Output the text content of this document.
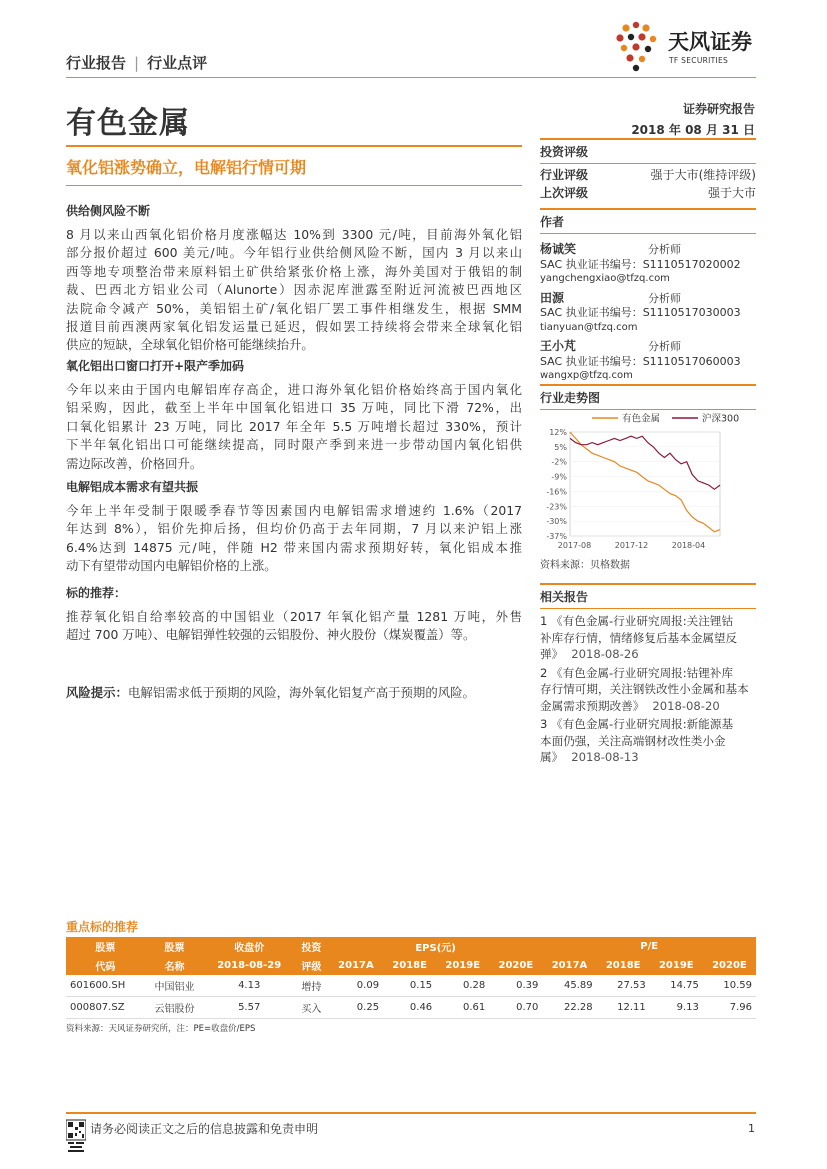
行业报告 | 行业点评
天风证券
TF SECURITIES
有色金属	证券研究报告
2018 年 08 月 31 日
氧化铝涨势确立，电解铝行情可期
供给侧风险不断
8 月以来山西氧化铝价格月度涨幅达 10%到 3300 元/吨，目前海外氧化铝
部分报价超过 600 美元/吨。今年铝行业供给侧风险不断，国内 3 月以来山
西等地专项整治带来原料铝土矿供给紧张价格上涨，海外美国对于俄铝的制
裁、巴西北方铝业公司（Alunorte）因赤泥库泄露至附近河流被巴西地区
法院命令减产 50%，美铝铝土矿/氧化铝厂罢工事件相继发生，根据 SMM
报道目前西澳两家氧化铝发运量已延迟，假如罢工持续将会带来全球氧化铝
供应的短缺，全球氧化铝价格可能继续抬升。
氧化铝出口窗口打开+限产季加码
今年以来由于国内电解铝库存高企，进口海外氧化铝价格始终高于国内氧化
铝采购，因此，截至上半年中国氧化铝进口 35 万吨，同比下滑 72%，出
口氧化铝累计 23 万吨，同比 2017 年全年 5.5 万吨增长超过 330%，预计
下半年氧化铝出口可能继续提高，同时限产季到来进一步带动国内氧化铝供
需边际改善，价格回升。
电解铝成本需求有望共振
今年上半年受制于限暖季春节等因素国内电解铝需求增速约 1.6%（2017
年达到 8%），铝价先抑后扬，但均价仍高于去年同期，7 月以来沪铝上涨
6.4%达到 14875 元/吨，伴随 H2 带来国内需求预期好转，氧化铝成本推
动下有望带动国内电解铝价格的上涨。
标的推荐：
推荐氧化铝自给率较高的中国铝业（2017 年氧化铝产量 1281 万吨，外售
超过 700 万吨）、电解铝弹性较强的云铝股份、神火股份（煤炭覆盖）等。
风险提示：电解铝需求低于预期的风险，海外氧化铝复产高于预期的风险。
投资评级
行业评级	强于大市(维持评级)
上次评级	强于大市
作者
杨诚笑	分析师
SAC 执业证书编号：S1110517020002
yangchengxiao@tfzq.com
田源	分析师
SAC 执业证书编号：S1110517030003
tianyuan@tfzq.com
王小芃	分析师
SAC 执业证书编号：S1110517060003
wangxp@tfzq.com
行业走势图
有色金属	沪深300
12%
5%
-2%
-9%
-16%
-23%
-30%
-37%
2017-08	2017-12	2018-04
资料来源：贝格数据
相关报告
1 《有色金属-行业研究周报:关注锂钴
补库存行情，情绪修复后基本金属望反
弹》 2018-08-26
2 《有色金属-行业研究周报:钴锂补库
存行情可期，关注钢铁改性小金属和基本
金属需求预期改善》 2018-08-20
3 《有色金属-行业研究周报:新能源基
本面仍强，关注高端钢材改性类小金
属》 2018-08-13
重点标的推荐
股票	股票	收盘价	投资	EPS(元)				P/E			
代码	名称	2018-08-29	评级	2017A	2018E	2019E	2020E	2017A	2018E	2019E	2020E
601600.SH	中国铝业	4.13	增持	0.09	0.15	0.28	0.39	45.89	27.53	14.75	10.59
000807.SZ	云铝股份	5.57	买入	0.25	0.46	0.61	0.70	22.28	12.11	9.13	7.96
资料来源：天风证券研究所，注：PE=收盘价/EPS
请务必阅读正文之后的信息披露和免责申明	1
